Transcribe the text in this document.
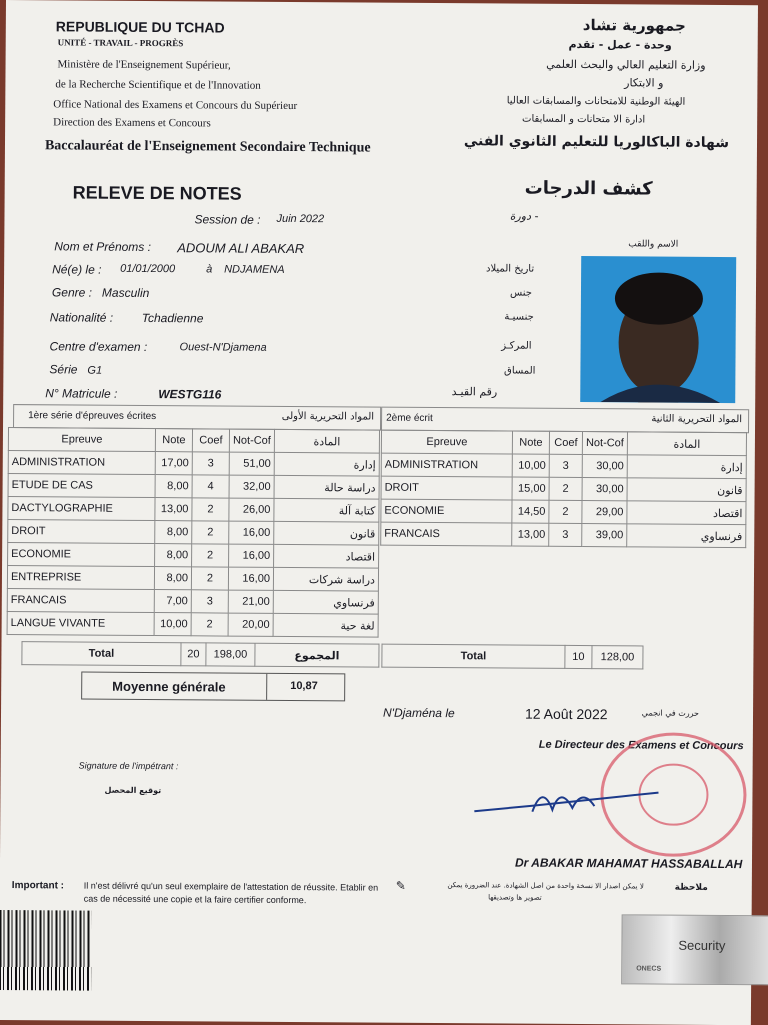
REPUBLIQUE DU TCHAD
UNITÉ - TRAVAIL - PROGRÈS
Ministère de l'Enseignement Supérieur,
de la Recherche Scientifique et de l'Innovation
Office National des Examens et Concours du Supérieur
Direction des Examens et Concours
Baccalauréat de l'Enseignement Secondaire Technique
جمهورية تشاد
وحدة - عمل - تقدم
وزارة التعليم العالي والبحث العلمي
و الابتكار
الهيئة الوطنية للامتحانات والمسابقات العاليا
ادارة الا متحانات و المسابقات
شهادة الباكالوريا للتعليم الثانوي الفني
RELEVE DE NOTES	كشف الدرجات
Session de : Juin 2022	- دورة
Nom et Prénoms : ADOUM ALI ABAKAR	الاسم واللقب
Né(e) le : 01/01/2000	à NDJAMENA	تاريخ الميلاد
Genre : Masculin	جنس
Nationalité : Tchadienne	جنسيـة
Centre d'examen :	Ouest-N'Djamena	المركـز
Série G1	المساق
N° Matricule :	WESTG116	رقم القيـد
1ère série d'épreuves écrites	المواد التحريرية الأولى
Epreuve	Note	Coef	Not-Cof	المادة
ADMINISTRATION	17,00	3	51,00	إدارة
ETUDE DE CAS	8,00	4	32,00	دراسة حالة
DACTYLOGRAPHIE	13,00	2	26,00	كتابة آلة
DROIT	8,00	2	16,00	قانون
ECONOMIE	8,00	2	16,00	اقتصاد
ENTREPRISE	8,00	2	16,00	دراسة شركات
FRANCAIS	7,00	3	21,00	فرنساوي
LANGUE VIVANTE	10,00	2	20,00	لغة حية
Total	20	198,00	المجموع
2ème écrit	المواد التحريرية الثانية
Epreuve	Note	Coef	Not-Cof	المادة
ADMINISTRATION	10,00	3	30,00	إدارة
DROIT	15,00	2	30,00	قانون
ECONOMIE	14,50	2	29,00	اقتصاد
FRANCAIS	13,00	3	39,00	فرنساوي
Total	10	128,00
Moyenne générale	10,87
N'Djaména le	12 Août 2022	حررت في انجمي
Le Directeur des Examens et Concours
Signature de l'impétrant :
توقيع المحصل
Dr ABAKAR MAHAMAT HASSABALLAH
Important : Il n'est délivré qu'un seul exemplaire de l'attestation de réussite. Etablir en
cas de nécessité une copie et la faire certifier conforme.
✎	لا يمكن اصدار الا نسخة واحدة من اصل الشهادة. عند الضرورة يمكن
تصوير ها وتصديقها
ملاحظة
Security
ONECS
